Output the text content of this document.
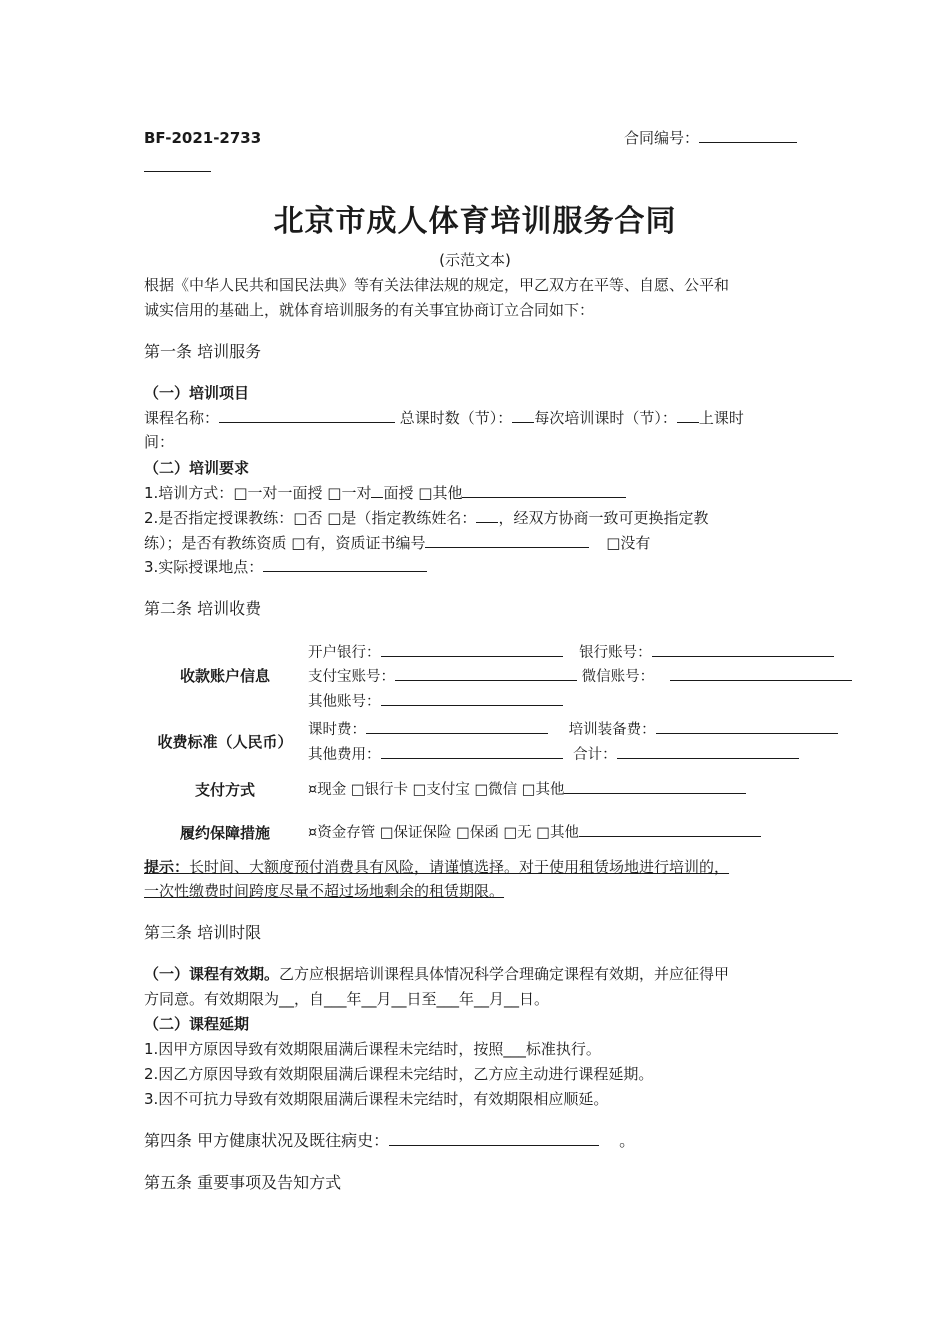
BF-2021-2733	合同编号：
北京市成人体育培训服务合同
(示范文本)
根据《中华人民共和国民法典》等有关法律法规的规定，甲乙双方在平等、自愿、公平和
诚实信用的基础上，就体育培训服务的有关事宜协商订立合同如下：
第一条 培训服务
（一）培训项目
课程名称：	总课时数（节）： 每次培训课时（节）： 上课时
间：
（二）培训要求
1.培训方式：□一对一面授 □一对 面授 □其他
2.是否指定授课教练：□否 □是（指定教练姓名： ，经双方协商一致可更换指定教
练）；是否有教练资质 □有，资质证书编号	□没有
3.实际授课地点：
第二条 培训收费
收款账户信息
开户银行：	银行账号：
支付宝账号：	微信账号：
其他账号：
收费标准（人民币）
课时费：	培训装备费：
其他费用：	合计：
支付方式	¤现金 □银行卡 □支付宝 □微信 □其他
履约保障措施	¤资金存管 □保证保险 □保函 □无 □其他
提示：长时间、大额度预付消费具有风险，请谨慎选择。对于使用租赁场地进行培训的，
一次性缴费时间跨度尽量不超过场地剩余的租赁期限。
第三条 培训时限
（一）课程有效期。乙方应根据培训课程具体情况科学合理确定课程有效期，并应征得甲
方同意。有效期限为__，自___年__月__日至___年__月__日。
（二）课程延期
1.因甲方原因导致有效期限届满后课程未完结时，按照___标准执行。
2.因乙方原因导致有效期限届满后课程未完结时，乙方应主动进行课程延期。
3.因不可抗力导致有效期限届满后课程未完结时，有效期限相应顺延。
第四条 甲方健康状况及既往病史：	。
第五条 重要事项及告知方式
